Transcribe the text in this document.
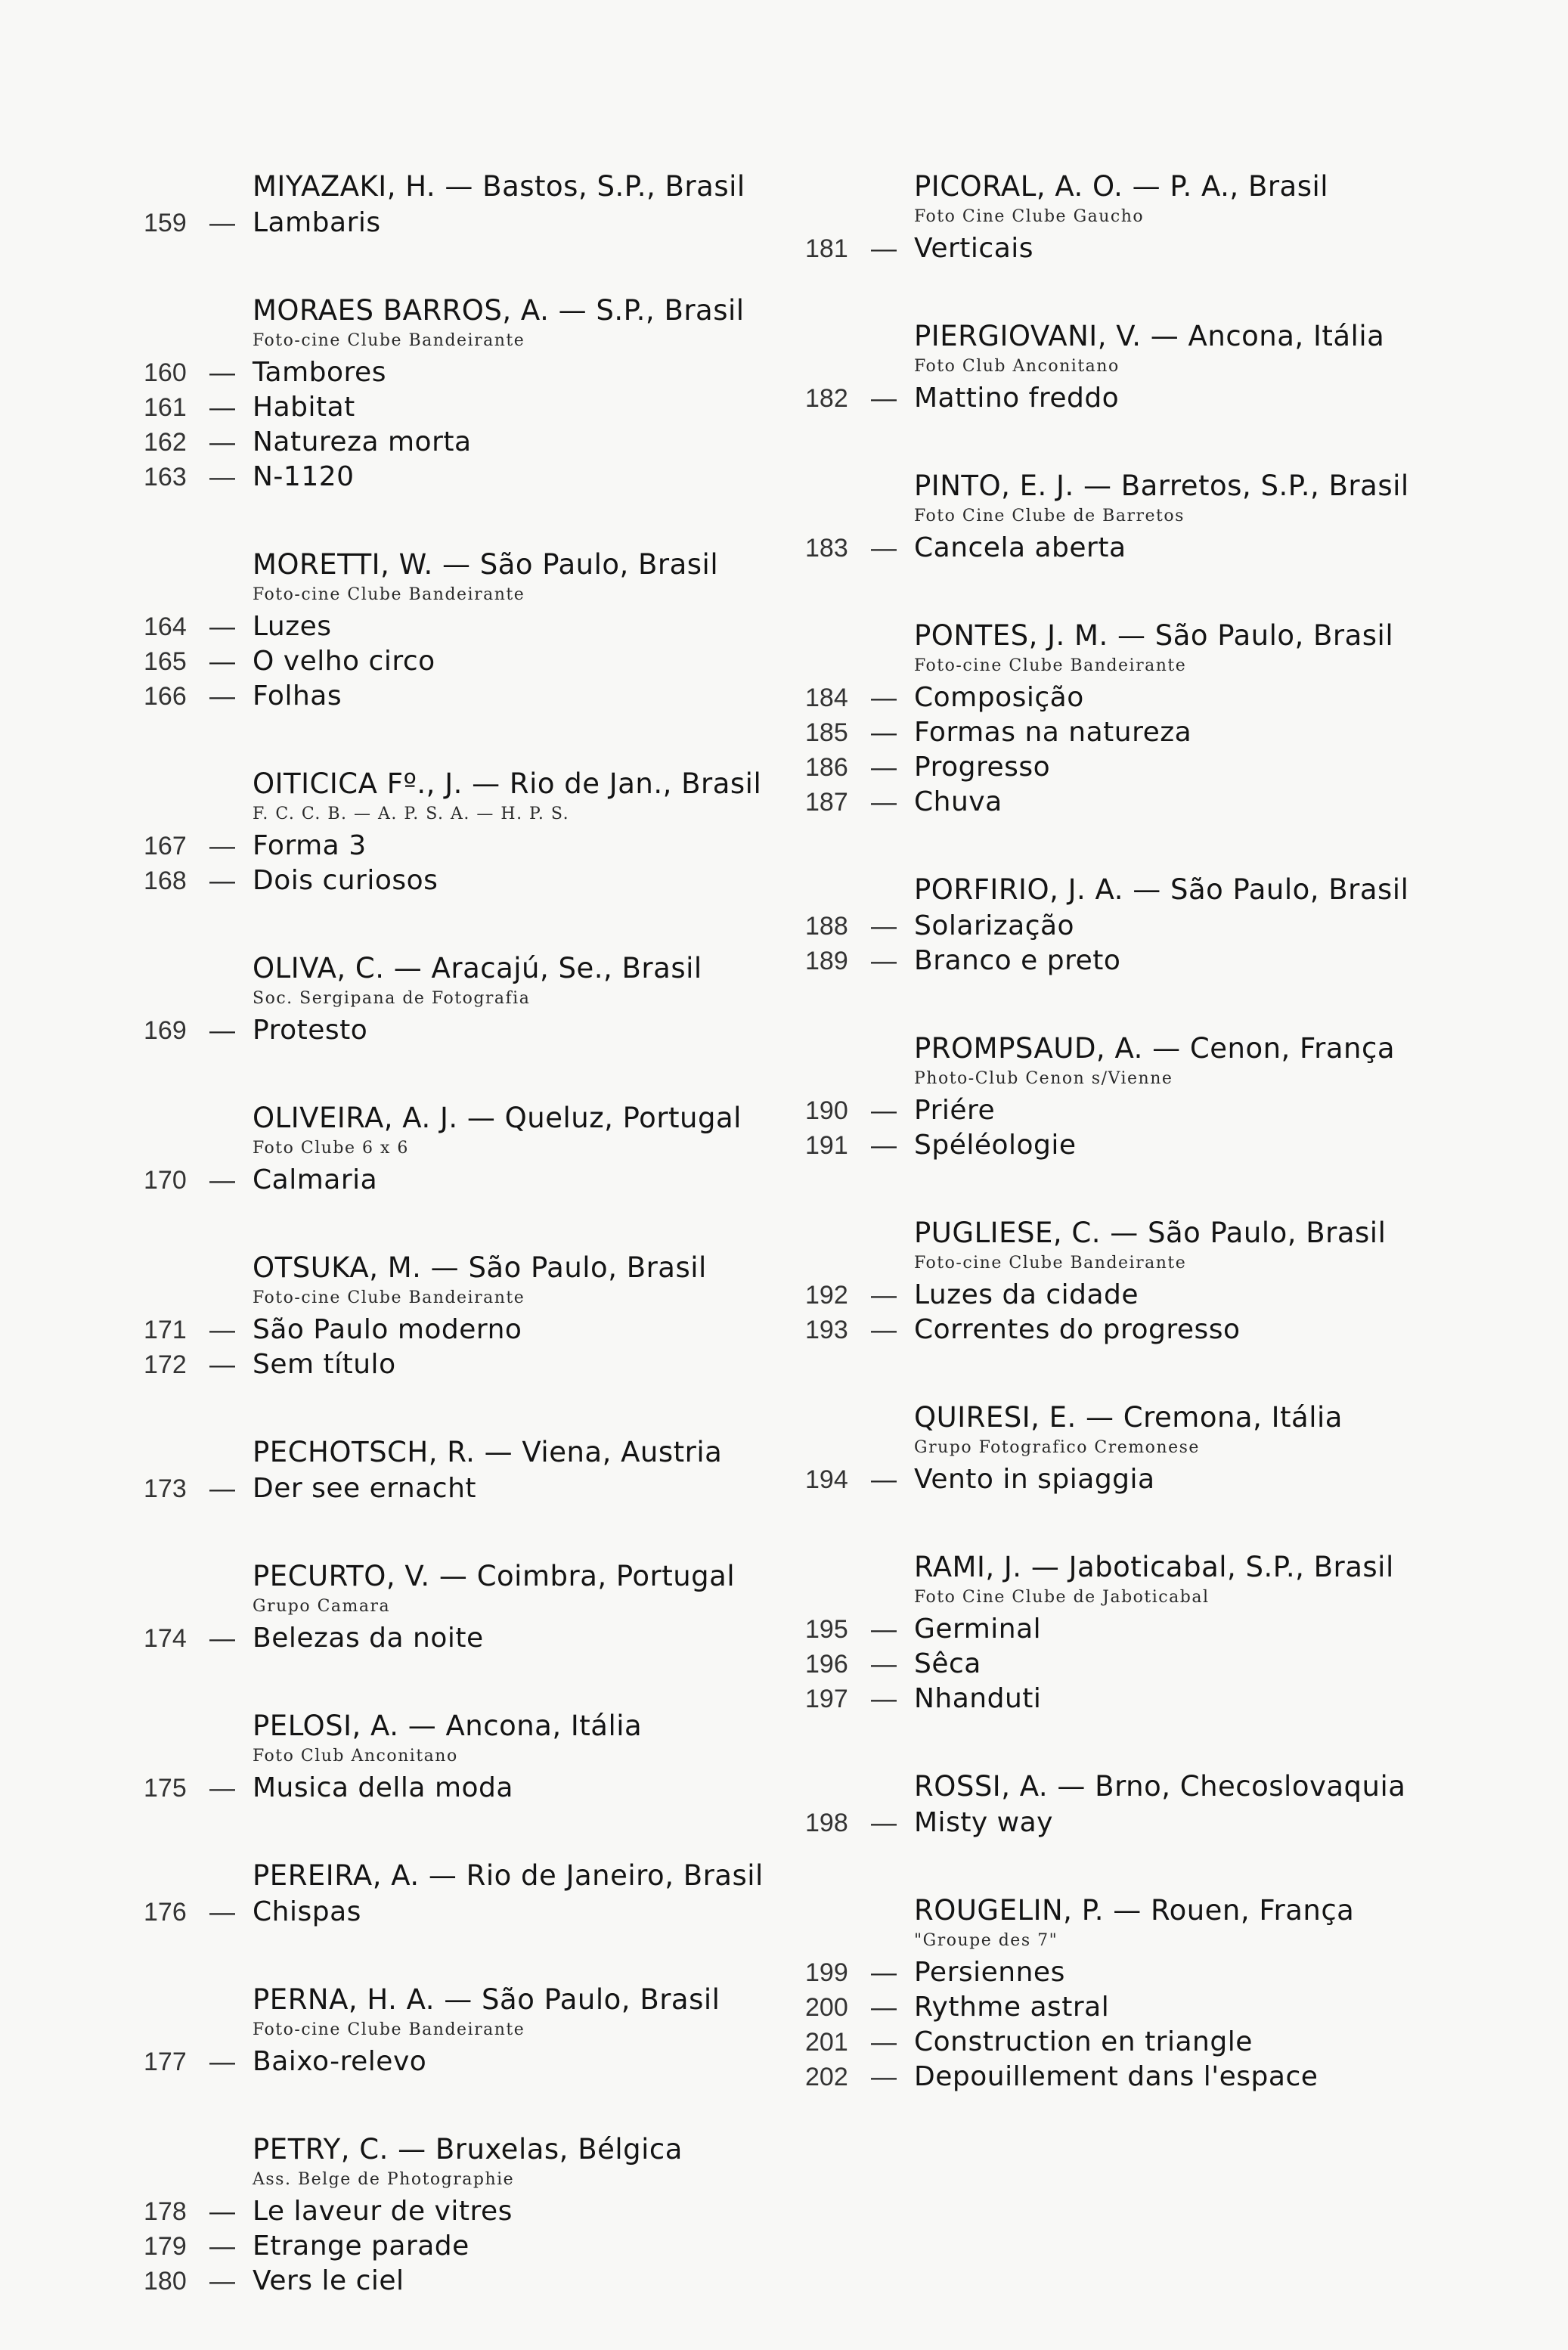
MIYAZAKI, H. — Bastos, S.P., Brasil
159 — Lambaris
MORAES BARROS, A. — S.P., Brasil
Foto-cine Clube Bandeirante
160 — Tambores
161 — Habitat
162 — Natureza morta
163 — N-1120
MORETTI, W. — São Paulo, Brasil
Foto-cine Clube Bandeirante
164 — Luzes
165 — O velho circo
166 — Folhas
OITICICA Fº., J. — Rio de Jan., Brasil
F. C. C. B. — A. P. S. A. — H. P. S.
167 — Forma 3
168 — Dois curiosos
OLIVA, C. — Aracajú, Se., Brasil
Soc. Sergipana de Fotografia
169 — Protesto
OLIVEIRA, A. J. — Queluz, Portugal
Foto Clube 6 x 6
170 — Calmaria
OTSUKA, M. — São Paulo, Brasil
Foto-cine Clube Bandeirante
171 — São Paulo moderno
172 — Sem título
PECHOTSCH, R. — Viena, Austria
173 — Der see ernacht
PECURTO, V. — Coimbra, Portugal
Grupo Camara
174 — Belezas da noite
PELOSI, A. — Ancona, Itália
Foto Club Anconitano
175 — Musica della moda
PEREIRA, A. — Rio de Janeiro, Brasil
176 — Chispas
PERNA, H. A. — São Paulo, Brasil
Foto-cine Clube Bandeirante
177 — Baixo-relevo
PETRY, C. — Bruxelas, Bélgica
Ass. Belge de Photographie
178 — Le laveur de vitres
179 — Etrange parade
180 — Vers le ciel
PICORAL, A. O. — P. A., Brasil
Foto Cine Clube Gaucho
181 — Verticais
PIERGIOVANI, V. — Ancona, Itália
Foto Club Anconitano
182 — Mattino freddo
PINTO, E. J. — Barretos, S.P., Brasil
Foto Cine Clube de Barretos
183 — Cancela aberta
PONTES, J. M. — São Paulo, Brasil
Foto-cine Clube Bandeirante
184 — Composição
185 — Formas na natureza
186 — Progresso
187 — Chuva
PORFIRIO, J. A. — São Paulo, Brasil
188 — Solarização
189 — Branco e preto
PROMPSAUD, A. — Cenon, França
Photo-Club Cenon s/Vienne
190 — Priére
191 — Spéléologie
PUGLIESE, C. — São Paulo, Brasil
Foto-cine Clube Bandeirante
192 — Luzes da cidade
193 — Correntes do progresso
QUIRESI, E. — Cremona, Itália
Grupo Fotografico Cremonese
194 — Vento in spiaggia
RAMI, J. — Jaboticabal, S.P., Brasil
Foto Cine Clube de Jaboticabal
195 — Germinal
196 — Sêca
197 — Nhanduti
ROSSI, A. — Brno, Checoslovaquia
198 — Misty way
ROUGELIN, P. — Rouen, França
"Groupe des 7"
199 — Persiennes
200 — Rythme astral
201 — Construction en triangle
202 — Depouillement dans l'espace
